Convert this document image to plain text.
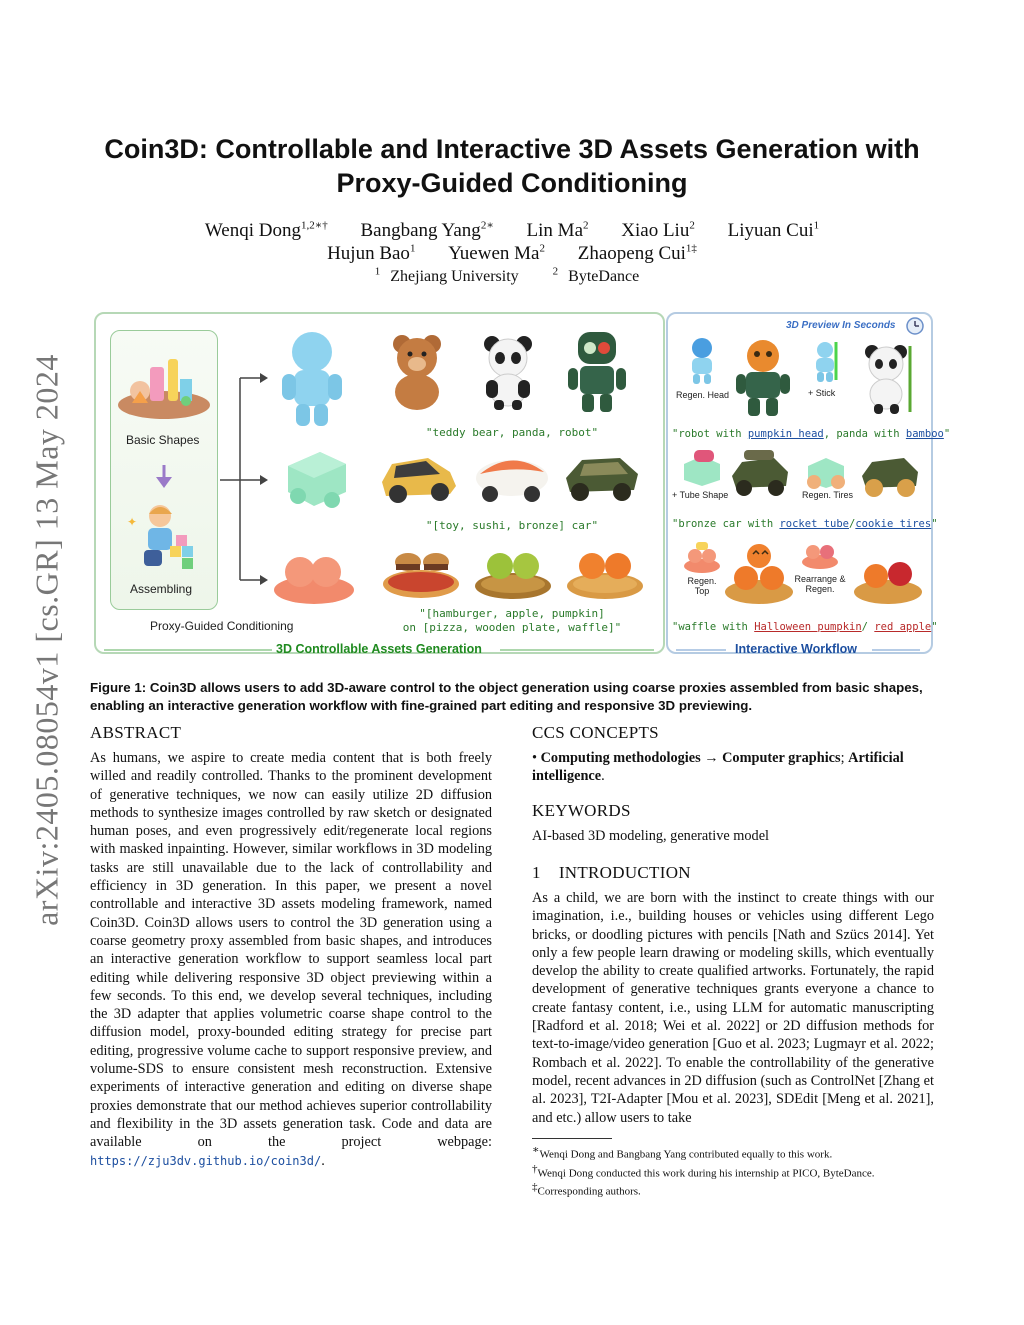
arXiv:2405.08054v1 [cs.GR] 13 May 2024
Coin3D: Controllable and Interactive 3D Assets Generation with
Proxy-Guided Conditioning
Wenqi Dong$^{1,2∗\dagger}$ Bangbang Yang$^{2∗}$ Lin Ma$^2$ Xiao Liu$^2$ Liyuan Cui$^1$
Hujun Bao$^1$ Yuewen Ma$^2$ Zhaopeng Cui$^{1\ddagger}$
$^1$ Zhejiang University	$^2$ ByteDance
Basic Shapes
✦
Assembling
Proxy-Guided Conditioning
"teddy bear, panda, robot"
"[toy, sushi, bronze] car"
"[hamburger, apple, pumpkin]
on [pizza, wooden plate, waffle]"
3D Controllable Assets Generation
3D Preview In Seconds
Regen. Head	+ Stick
"robot with pumpkin head, panda with bamboo"
+ Tube Shape	Regen. Tires
"bronze car with rocket tube/cookie tires"
Regen.
Top
Rearrange &
Regen.
"waffle with Halloween pumpkin/ red apple"
Interactive Workflow
Figure 1: Coin3D allows users to add 3D-aware control to the object generation using coarse proxies assembled from basic shapes, enabling an interactive generation workflow with fine-grained part editing and responsive 3D previewing.
ABSTRACT
As humans, we aspire to create media content that is both freely willed and readily controlled. Thanks to the prominent development of generative techniques, we now can easily utilize 2D diffusion methods to synthesize images controlled by raw sketch or designated human poses, and even progressively edit/regenerate local regions with masked inpainting. However, similar workflows in 3D modeling tasks are still unavailable due to the lack of controllability and efficiency in 3D generation. In this paper, we present a novel controllable and interactive 3D assets modeling framework, named Coin3D. Coin3D allows users to control the 3D generation using a coarse geometry proxy assembled from basic shapes, and introduces an interactive generation workflow to support seamless local part editing while delivering responsive 3D object previewing within a few seconds. To this end, we develop several techniques, including the 3D adapter that applies volumetric coarse shape control to the diffusion model, proxy-bounded editing strategy for precise part editing, progressive volume cache to support responsive preview, and volume-SDS to ensure consistent mesh reconstruction. Extensive experiments of interactive generation and editing on diverse shape proxies demonstrate that our method achieves superior controllability and flexibility in the 3D assets generation task. Code and data are available on the project webpage: https://zju3dv.github.io/coin3d/.
CCS CONCEPTS
• Computing methodologies → Computer graphics; Artificial intelligence.
KEYWORDS
AI-based 3D modeling, generative model
1 INTRODUCTION
As a child, we are born with the instinct to create things with our imagination, i.e., building houses or vehicles using different Lego bricks, or doodling pictures with pencils [Nath and Szücs 2014]. Yet only a few people learn drawing or modeling skills, which eventually develop the ability to create qualified artworks. Fortunately, the rapid development of generative techniques grants everyone a chance to create fantasy content, i.e., using LLM for automatic manuscripting [Radford et al. 2018; Wei et al. 2022] or 2D diffusion methods for text-to-image/video generation [Guo et al. 2023; Lugmayr et al. 2022; Rombach et al. 2022]. To enable the controllability of the generative model, recent advances in 2D diffusion (such as ControlNet [Zhang et al. 2023], T2I-Adapter [Mou et al. 2023], SDEdit [Meng et al. 2021], and etc.) allow users to take
∗Wenqi Dong and Bangbang Yang contributed equally to this work.
†Wenqi Dong conducted this work during his internship at PICO, ByteDance.
‡Corresponding authors.
